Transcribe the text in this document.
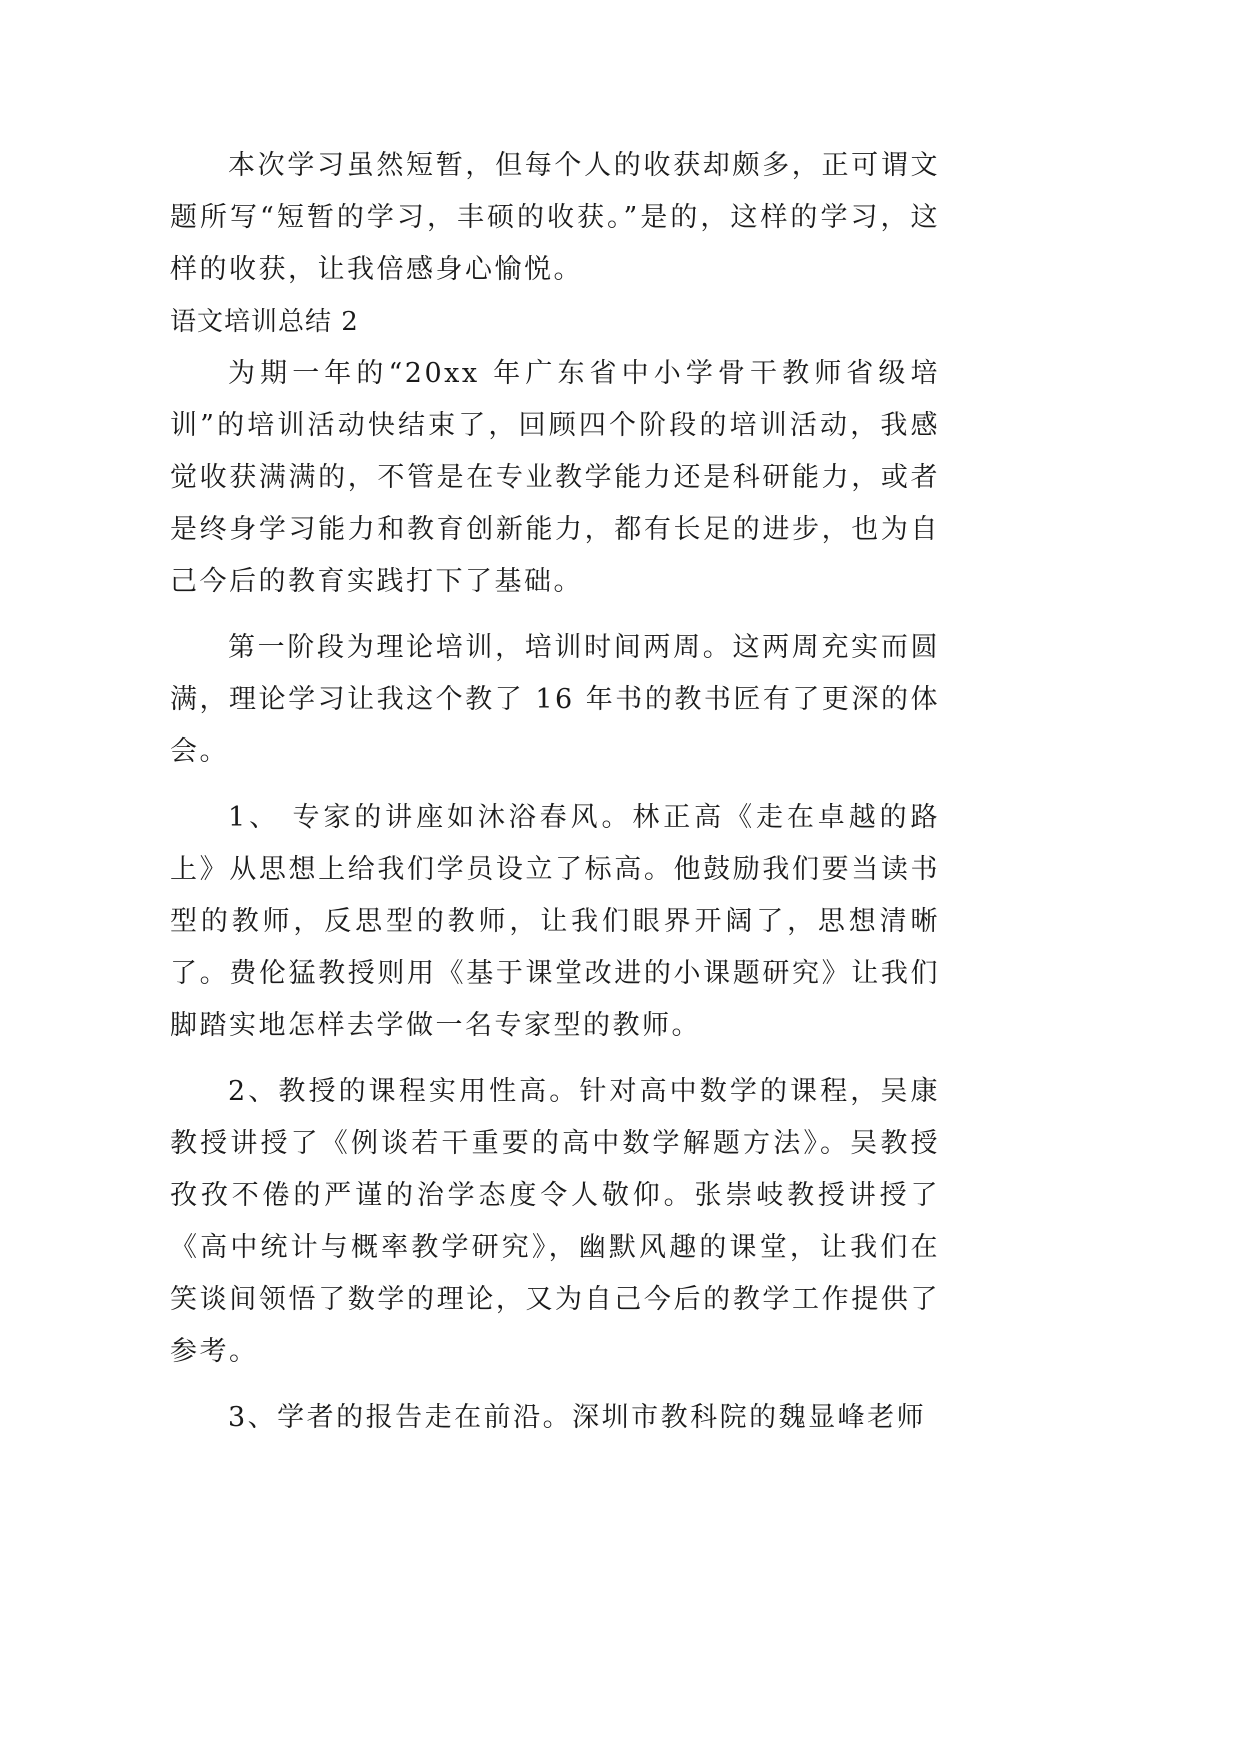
本次学习虽然短暂，但每个人的收获却颇多，正可谓文题所写“短暂的学习，丰硕的收获。”是的，这样的学习，这样的收获，让我倍感身心愉悦。

语文培训总结 2

为期一年的“20xx 年广东省中小学骨干教师省级培训”的培训活动快结束了，回顾四个阶段的培训活动，我感觉收获满满的，不管是在专业教学能力还是科研能力，或者是终身学习能力和教育创新能力，都有长足的进步，也为自己今后的教育实践打下了基础。

第一阶段为理论培训，培训时间两周。这两周充实而圆满，理论学习让我这个教了 16 年书的教书匠有了更深的体会。

1、 专家的讲座如沐浴春风。林正高《走在卓越的路上》从思想上给我们学员设立了标高。他鼓励我们要当读书型的教师，反思型的教师，让我们眼界开阔了，思想清晰了。费伦猛教授则用《基于课堂改进的小课题研究》让我们脚踏实地怎样去学做一名专家型的教师。

2、教授的课程实用性高。针对高中数学的课程，吴康教授讲授了《例谈若干重要的高中数学解题方法》。吴教授孜孜不倦的严谨的治学态度令人敬仰。张崇岐教授讲授了《高中统计与概率教学研究》，幽默风趣的课堂，让我们在笑谈间领悟了数学的理论，又为自己今后的教学工作提供了参考。

3、学者的报告走在前沿。深圳市教科院的魏显峰老师
